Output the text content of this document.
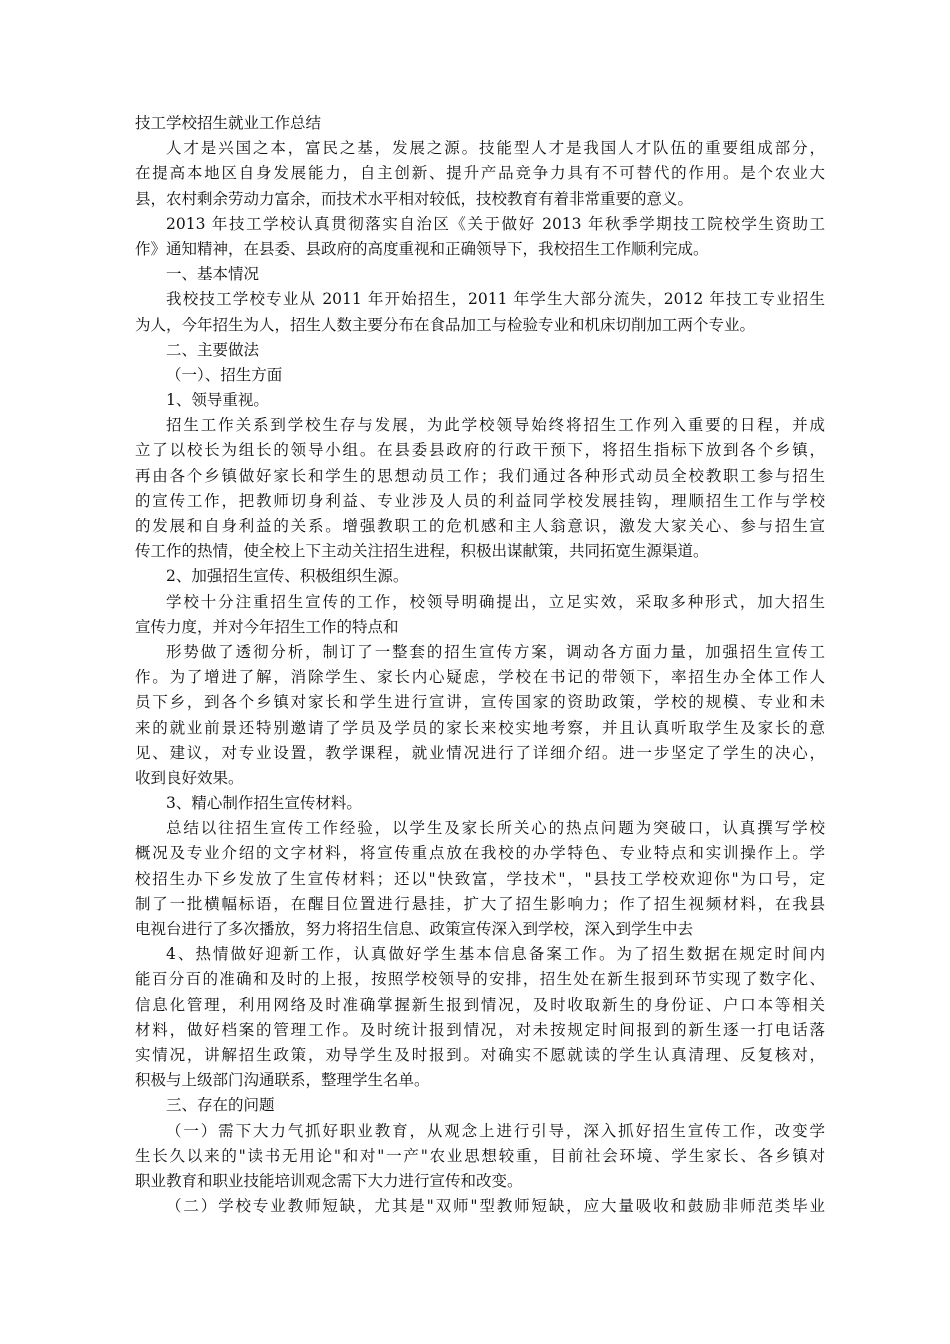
技工学校招生就业工作总结
人才是兴国之本，富民之基，发展之源。技能型人才是我国人才队伍的重要组成部分，
在提高本地区自身发展能力，自主创新、提升产品竞争力具有不可替代的作用。是个农业大
县，农村剩余劳动力富余，而技术水平相对较低，技校教育有着非常重要的意义。
2013 年技工学校认真贯彻落实自治区《关于做好 2013 年秋季学期技工院校学生资助工
作》通知精神，在县委、县政府的高度重视和正确领导下，我校招生工作顺利完成。
一、基本情况
我校技工学校专业从 2011 年开始招生，2011 年学生大部分流失，2012 年技工专业招生
为人，今年招生为人，招生人数主要分布在食品加工与检验专业和机床切削加工两个专业。
二、主要做法
（一）、招生方面
1、领导重视。
招生工作关系到学校生存与发展，为此学校领导始终将招生工作列入重要的日程，并成
立了以校长为组长的领导小组。在县委县政府的行政干预下，将招生指标下放到各个乡镇，
再由各个乡镇做好家长和学生的思想动员工作；我们通过各种形式动员全校教职工参与招生
的宣传工作，把教师切身利益、专业涉及人员的利益同学校发展挂钩，理顺招生工作与学校
的发展和自身利益的关系。增强教职工的危机感和主人翁意识，激发大家关心、参与招生宣
传工作的热情，使全校上下主动关注招生进程，积极出谋献策，共同拓宽生源渠道。
2、加强招生宣传、积极组织生源。
学校十分注重招生宣传的工作，校领导明确提出，立足实效，采取多种形式，加大招生
宣传力度，并对今年招生工作的特点和
形势做了透彻分析，制订了一整套的招生宣传方案，调动各方面力量，加强招生宣传工
作。为了增进了解，消除学生、家长内心疑虑，学校在书记的带领下，率招生办全体工作人
员下乡，到各个乡镇对家长和学生进行宣讲，宣传国家的资助政策，学校的规模、专业和未
来的就业前景还特别邀请了学员及学员的家长来校实地考察，并且认真听取学生及家长的意
见、建议，对专业设置，教学课程，就业情况进行了详细介绍。进一步坚定了学生的决心，
收到良好效果。
3、精心制作招生宣传材料。
总结以往招生宣传工作经验，以学生及家长所关心的热点问题为突破口，认真撰写学校
概况及专业介绍的文字材料，将宣传重点放在我校的办学特色、专业特点和实训操作上。学
校招生办下乡发放了生宣传材料；还以"快致富，学技术"，"县技工学校欢迎你"为口号，定
制了一批横幅标语，在醒目位置进行悬挂，扩大了招生影响力；作了招生视频材料，在我县
电视台进行了多次播放，努力将招生信息、政策宣传深入到学校，深入到学生中去
4、热情做好迎新工作，认真做好学生基本信息备案工作。为了招生数据在规定时间内
能百分百的准确和及时的上报，按照学校领导的安排，招生处在新生报到环节实现了数字化、
信息化管理，利用网络及时准确掌握新生报到情况，及时收取新生的身份证、户口本等相关
材料，做好档案的管理工作。及时统计报到情况，对未按规定时间报到的新生逐一打电话落
实情况，讲解招生政策，劝导学生及时报到。对确实不愿就读的学生认真清理、反复核对，
积极与上级部门沟通联系，整理学生名单。
三、存在的问题
（一）需下大力气抓好职业教育，从观念上进行引导，深入抓好招生宣传工作，改变学
生长久以来的"读书无用论"和对"一产"农业思想较重，目前社会环境、学生家长、各乡镇对
职业教育和职业技能培训观念需下大力进行宣传和改变。
（二）学校专业教师短缺，尤其是"双师"型教师短缺，应大量吸收和鼓励非师范类毕业
